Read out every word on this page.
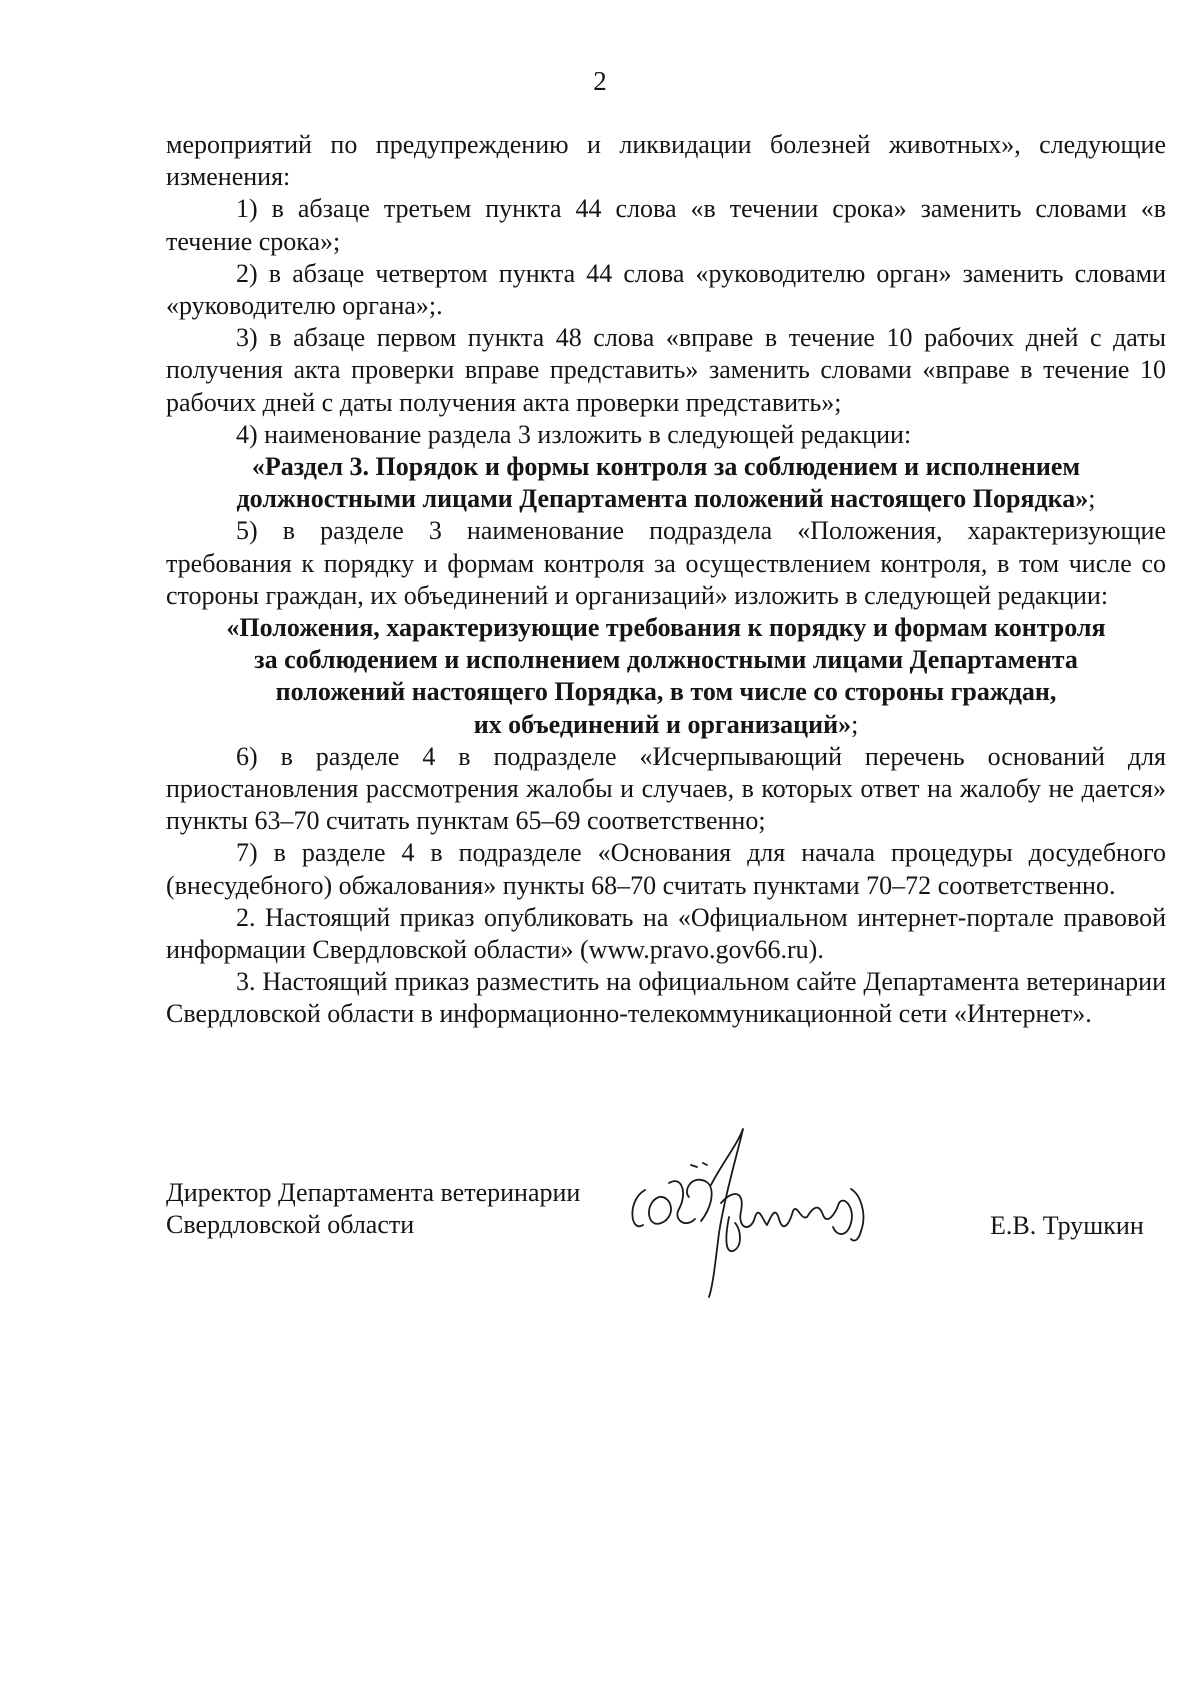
2

мероприятий по предупреждению и ликвидации болезней животных», следующие изменения:

1) в абзаце третьем пункта 44 слова «в течении срока» заменить словами «в течение срока»;

2) в абзаце четвертом пункта 44 слова «руководителю орган» заменить словами «руководителю органа»;.

3) в абзаце первом пункта 48 слова «вправе в течение 10 рабочих дней с даты получения акта проверки вправе представить» заменить словами «вправе в течение 10 рабочих дней с даты получения акта проверки представить»;

4) наименование раздела 3 изложить в следующей редакции:

«Раздел 3. Порядок и формы контроля за соблюдением и исполнением
должностными лицами Департамента положений настоящего Порядка»;

5) в разделе 3 наименование подраздела «Положения, характеризующие требования к порядку и формам контроля за осуществлением контроля, в том числе со стороны граждан, их объединений и организаций» изложить в следующей редакции:

«Положения, характеризующие требования к порядку и формам контроля
за соблюдением и исполнением должностными лицами Департамента
положений настоящего Порядка, в том числе со стороны граждан,
их объединений и организаций»;

6) в разделе 4 в подразделе «Исчерпывающий перечень оснований для приостановления рассмотрения жалобы и случаев, в которых ответ на жалобу не дается» пункты 63–70 считать пунктам 65–69 соответственно;

7) в разделе 4 в подразделе «Основания для начала процедуры досудебного (внесудебного) обжалования» пункты 68–70 считать пунктами 70–72 соответственно.

2. Настоящий приказ опубликовать на «Официальном интернет-портале правовой информации Свердловской области» (www.pravo.gov66.ru).

3. Настоящий приказ разместить на официальном сайте Департамента ветеринарии Свердловской области в информационно-телекоммуникационной сети «Интернет».

Директор Департамента ветеринарии
Свердловской области	Е.В. Трушкин
